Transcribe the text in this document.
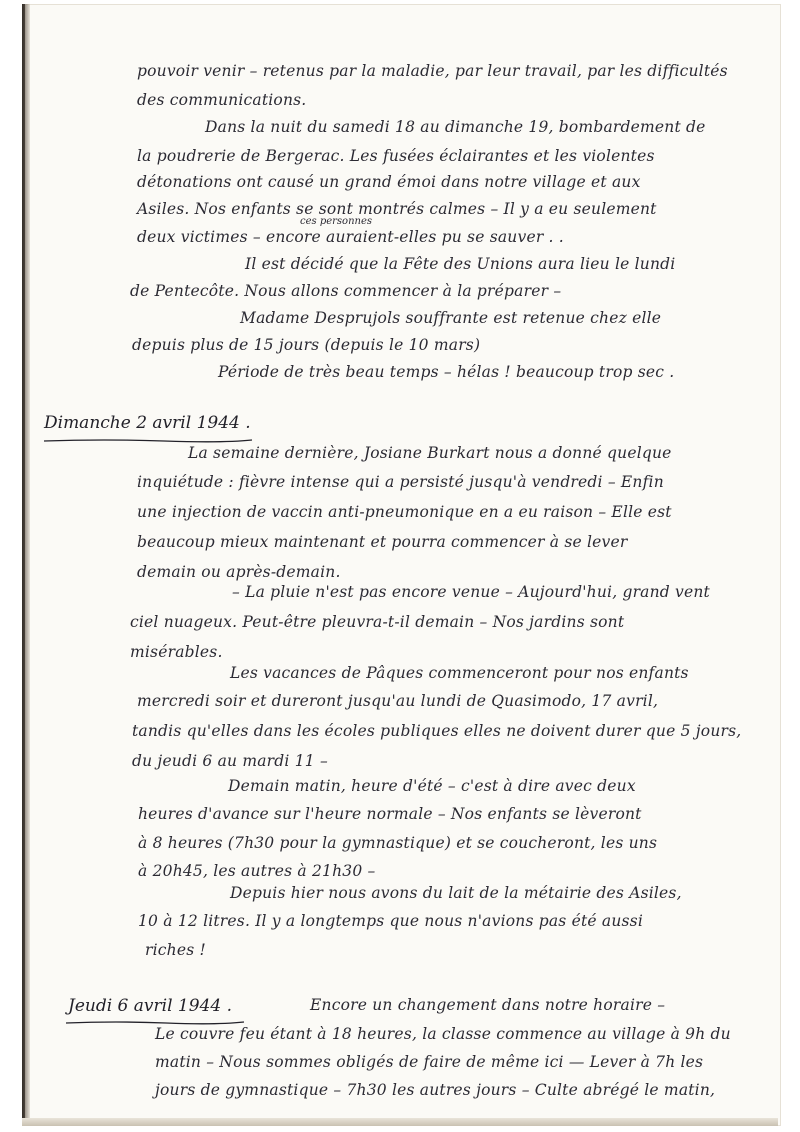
pouvoir venir – retenus par la maladie, par leur travail, par les difficultés
des communications.
Dans la nuit du samedi 18 au dimanche 19, bombardement de
la poudrerie de Bergerac. Les fusées éclairantes et les violentes
détonations ont causé un grand émoi dans notre village et aux
Asiles. Nos enfants se sont montrés calmes – Il y a eu seulement
ces personnes
deux victimes – encore auraient-elles pu se sauver . .
Il est décidé que la Fête des Unions aura lieu le lundi
de Pentecôte. Nous allons commencer à la préparer –
Madame Desprujols souffrante est retenue chez elle
depuis plus de 15 jours (depuis le 10 mars)
Période de très beau temps – hélas ! beaucoup trop sec .
Dimanche 2 avril 1944 .
La semaine dernière, Josiane Burkart nous a donné quelque
inquiétude : fièvre intense qui a persisté jusqu'à vendredi – Enfin
une injection de vaccin anti-pneumonique en a eu raison – Elle est
beaucoup mieux maintenant et pourra commencer à se lever
demain ou après-demain.
– La pluie n'est pas encore venue – Aujourd'hui, grand vent
ciel nuageux. Peut-être pleuvra-t-il demain – Nos jardins sont
misérables.
Les vacances de Pâques commenceront pour nos enfants
mercredi soir et dureront jusqu'au lundi de Quasimodo, 17 avril,
tandis qu'elles dans les écoles publiques elles ne doivent durer que 5 jours,
du jeudi 6 au mardi 11 –
Demain matin, heure d'été – c'est à dire avec deux
heures d'avance sur l'heure normale – Nos enfants se lèveront
à 8 heures (7h30 pour la gymnastique) et se coucheront, les uns
à 20h45, les autres à 21h30 –
Depuis hier nous avons du lait de la métairie des Asiles,
10 à 12 litres. Il y a longtemps que nous n'avions pas été aussi
riches !
Jeudi 6 avril 1944 .	Encore un changement dans notre horaire –
Le couvre feu étant à 18 heures, la classe commence au village à 9h du
matin – Nous sommes obligés de faire de même ici — Lever à 7h les
jours de gymnastique – 7h30 les autres jours – Culte abrégé le matin,
